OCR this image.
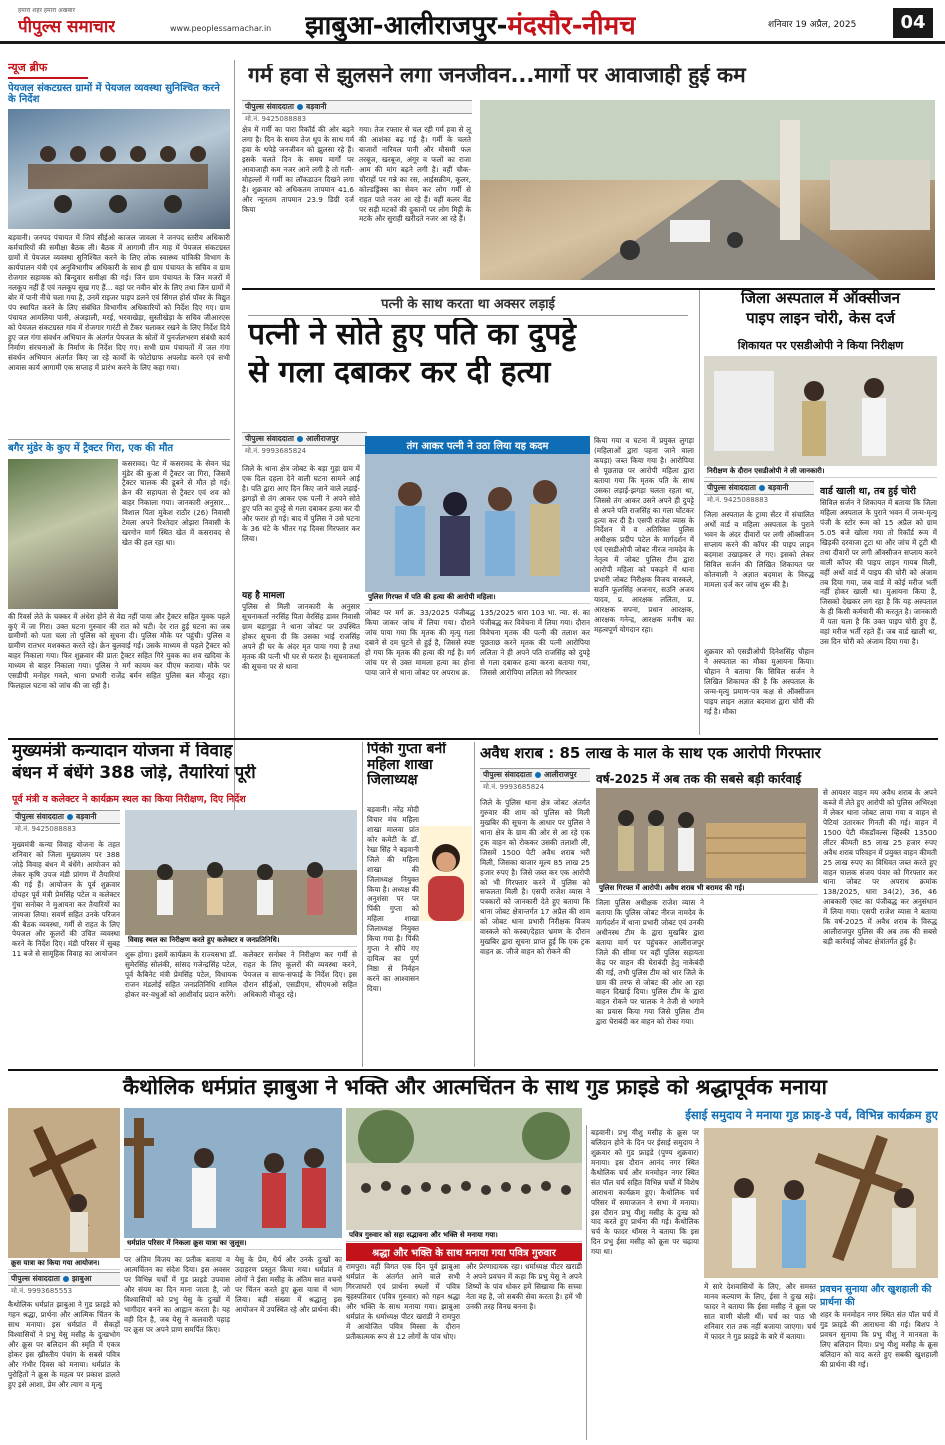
हमारा शहर हमारा अखबार
पीपुल्स समाचार	www.peoplessamachar.in झाबुआ-आलीराजपुर-मंदसौर-नीमच	शनिवार 19 अप्रैल, 2025	04
न्यूज ब्रीफ
पेयजल संकटग्रस्त ग्रामों में पेयजल व्यवस्था सुनिश्चित करने के निर्देश
बड़वानी। जनपद पंचायत में जिपं सीईओ काजल जावला ने जनपद स्तरीय अधिकारी कर्मचारियों की समीक्षा बैठक ली। बैठक में आगामी तीन माह में पेयजल संकटग्रस्त ग्रामों में पेयजल व्यवस्था सुनिश्चित करने के लिए लोक स्वास्थ्य यांत्रिकी विभाग के कार्यपालन यंत्री एवं अनुविभागीय अधिकारी के साथ ही ग्राम पंचायत के सचिव व ग्राम रोजगार सहायक को बिन्दुवार समीक्षा की गई। जिन ग्राम पंचायत के जिन मजरों में नलकूप नहीं हैं एवं नलकूप सूख गए हैं... वहां पर नवीन बोर के लिए तथा जिन ग्रामों में बोर में पानी नीचे चला गया है, उनमें राइजर पाइप डलने एवं सिंगल होर्स पॉवर के विद्युत पंप स्थापित करने के लिए संबंधित विभागीय अधिकारियों को निर्देश दिए गए। ग्राम पंचायत आमलिया पानी, अंजड़ाली, मरई, भरवाखेड़ा, सुस्तीखेड़ा के सचिव जीआरएस को पेयजल संकटग्रस्त गांव में रोजगार गारंटी से टैंकर चलाकर रखने के लिए निर्देश दिये हुए जल गंगा संवर्धन अभियान के अंतर्गत पेयजल के स्रोतों में पुनर्जलभरण संबंधी कार्य निर्माण संरचनाओं के निर्माण के निर्देश दिए गए। सभी ग्राम पंचायतों में जल गंगा संवर्धन अभियान अंतर्गत किए जा रहे कार्यों के फोटोग्राफ अपलोड करने एवं सभी आवास कार्य आगामी एक सप्ताह में प्रारंभ करने के लिए कहा गया।
बगैर मुंडेर के कुए में ट्रैक्टर गिरा, एक की मौत
कसरावद। पेट में कसरावद के सेवन चंद्र मुंडेर की कुआ में ट्रैक्टर जा गिरा, जिसमें ट्रैक्टर चालक की डूबने से मौत हो गई। क्रेन की सहायता से ट्रैक्टर एवं शव को बाहर निकाला गया। जानकारी अनुसार... विशाल पिता मुकेश राठौर (26) निवासी टेमला अपने रिश्तेदार ओझरा निवासी के खरगोन मार्ग स्थित खेत में कसरावद से खेत की हल रहा था।
की रिवर्स लेते के चक्कर में अंधेरा होने से वेद्य नहीं पाया और ट्रैक्टर सहित युवक पहले कुएं में जा गिरा। उक्त घटना गुरुवार की रात को घटी। देर रात हुई घटना का जब ग्रामीणों को पता चला तो पुलिस को सूचना दी। पुलिस मौके पर पहुंची। पुलिस व ग्रामीण रातभर मशक्कत करते रहे। क्रेन बुलवाई गई। उसके माध्यम से पहले ट्रैक्टर को बाहर निकाला गया। फिर शुक्रवार की प्रातः ट्रैक्टर सहित गिरे युवक का शव खदिया के माध्यम से बाहर निकाला गया। पुलिस ने मर्ग कायम कर पीएम कराया। मौके पर एसडीपी मनोहर गवले, थाना प्रभारी राजेंद्र बर्मन सहित पुलिस बल मौजूद रहा। फिलहाल घटना को जांच की जा रही है।
गर्म हवा से झुलसने लगा जनजीवन...मार्गो पर आवाजाही हुई कम
पीपुल्स संवाददाता बड़वानी
मो.नं. 9425088883
क्षेत्र में गर्मी का पारा रिकॉर्ड की ओर बढ़ने लगा है। दिन के समय तेज धूप के साथ गर्म हवा के थपेड़े जनजीवन को झुलसा रहे हैं। इसके चलते दिन के समय मार्गों पर आवाजाही कम नजर आने लगी है तो गली-मोहल्लों में गर्मी का लॉकडाउन दिखने लगा है। शुक्रवार को अधिकतम तापमान 41.6 और न्यूनतम तापमान 23.9 डिग्री दर्ज किया
गया। तेज रफ्तार से चल रही गर्म हवा से लू की आशंका बढ़ गई है। गर्मी के चलते बाजारों नारियल पानी और मौसमी फल तरबूज, खरबूज, अंगूर व फलों का राजा आम की मांग बढ़ने लगी है। वहीं चौक-चौराहों पर गन्ने का रस, आईसक्रीम, कूलर, कोल्डड्रिंक्स का सेवन कर लोग गर्मी से राहत पाते नजर आ रहे हैं। वहीं कलर वेंड पर सड़ी मटकों की दुकानों पर लोग मिट्टी के मटके और सुराही खरीदते नजर आ रहे हैं।
पत्नी के साथ करता था अक्सर लड़ाई
पत्नी ने सोते हुए पति का दुपट्टे
से गला दबाकर कर दी हत्या
पीपुल्स संवाददाता आलीराजपुर
मो.नं. 9993685824
जिले के थाना क्षेत्र जोबट के बड़ा गुड़ा ग्राम में एक दिल दहला देने वाली घटना सामने आई है। पति द्वारा आए दिन किए जाने वाले लड़ाई-झगड़ों से तंग आकर एक पत्नी ने अपने सोते हुए पति का दुपट्टे से गला दबाकर हत्या कर दी और फरार हो गई। बाद में पुलिस ने उसे घटना के 36 घंटे के भीतर गढ़ दिवस गिरफ्तार कर लिया।
यह है मामला
पुलिस से मिली जानकारी के अनुसार सूचनाकर्ता नरसिंह पिता वेरसिंह डावर निवासी ग्राम बड़ागुड़ा ने थाना जोबट पर उपस्थित होकर सूचना दी कि उसका भाई राजसिंह अपने ही घर के अंदर मृत पाया गया है तथा मृतक की पत्नी भी घर से फरार है। सूचनाकर्ता की सूचना पर से थाना
तंग आकर पत्नी ने उठा लिया यह कदम
पुलिस गिरफ्त में पति की हत्या की आरोपी महिला।
जोबट पर मर्ग क्र. 33/2025 पंजीबद्ध किया जाकर जांच में लिया गया। दौराने जांच पाया गया कि मृतक की मृत्यु गला दबाने से दम घुटने से हुई है, जिससे स्पष्ट हो गया कि मृतक की हत्या की गई है। मर्ग जांच पर से उक्त मामला हत्या का होना पाया जाने से थाना जोबट पर अपराध क्र.
135/2025 धारा 103 भा. न्या. सं. का पंजीबद्ध कर विवेचना में लिया गया। दौरान विवेचना मृतक की पत्नी की तलाश कर पूछताछ करने मृतक की पत्नी आरोपिया ललिता ने ही अपने पति राजसिंह को दुपट्टे से गला दबाकर हत्या करना बताया गया, जिससे आरोपिया ललिता को गिरफ्तार
किया गया व घटना में प्रयुक्त लुगड़ा (महिलाओं द्वारा पहना जाने वाला कपड़ा) जब्त किया गया है। आरोपिया से पूछताछ पर आरोपी महिला द्वारा बताया गया कि मृतक पति के साथ उसका लड़ाई-झगड़ा चलता रहता था, जिससे तंग आकर उसने अपने ही दुपट्टे से अपने पति राजसिंह का गला घोंटकर हत्या कर दी है। एसपी राजेश व्यास के निर्देशन में व अतिरिक्त पुलिस अधीक्षक प्रदीप पटेल के मार्गदर्शन में एवं एसडीओपी जोबट नीरज नामदेव के नेतृत्व में जोबट पुलिस टीम द्वारा आरोपी महिला को पकड़ने में थाना प्रभारी जोबट निरीक्षक विजय वास्कले, सउनि फूलसिंह अजनार, सउनि अजय यादव, प्र. आरक्षक ललिता, प्र. आरक्षक सपना, प्रधान आरक्षक, आरक्षक गनेन्द्र, आरक्षक मनीष का महत्वपूर्ण योगदान रहा।
जिला अस्पताल में ऑक्सीजन
पाइप लाइन चोरी, केस दर्ज
शिकायत पर एसडीओपी ने किया निरीक्षण
निरीक्षण के दौरान एसडीओपी ने ली जानकारी।
पीपुल्स संवाददाता बड़वानी
मो.नं. 9425088883
जिला अस्पताल के ट्रामा सेंटर में संचालित अर्थो वार्ड व महिला अस्पताल के पुराने भवन के अंदर दीवारों पर लगी ऑक्सीजन सप्लाय करने की कॉपर की पाइप लाइन बदमाश उखाड़कर ले गए। इसको लेकर सिविल सर्जन की लिखित शिकायत पर कोतवाली ने अज्ञात बदमाश के विरुद्ध मामला दर्ज कर जांच शुरू की है।
शुक्रवार को एसडीओपी दिनेशसिंह चौहान ने अस्पताल का मौका मुआयना किया। चौहान ने बताया कि सिविल सर्जन ने लिखित शिकायत की है कि अस्पताल के जन्म-मृत्यु प्रमाण-पत्र कक्ष से ऑक्सीजन पाइप लाइन अज्ञात बदमाश द्वारा चोरी की गई है। मौका
वार्ड खाली था, तब हुई चोरी
सिविल सर्जन ने शिकायत में बताया कि जिला महिला अस्पताल के पुराने भवन में जन्म-मृत्यु पंजी के स्टोर रूम को 15 अप्रैल को ग्राम 5.05 बजे खोला गया तो रिकॉर्ड रूम में खिड़की दरवाजा टूटा था और जांच में टूटी थी तथा दीवारों पर लगी ऑक्सीजन सप्लाय करने वाली कॉपर की पाइप लाइन गायब मिली, वहीं अर्थो वार्ड में पाइप की चोरी को अंजाम तब दिया गया, जब वार्ड में कोई मरीज भर्ती नहीं होकर खाली था। मुआयना किया है, जिसको देखकर लग रहा है कि यह अस्पताल के ही किसी कर्मचारी की करतूत है। जानकारी में पता चला है कि उक्त पाइप चोरी हुए हैं, वहां मरीज भर्ती रहते हैं। जब वार्ड खाली था, उस दिन चोरी को अंजाम दिया गया है।
मुख्यमंत्री कन्यादान योजना में विवाह
बंधन में बंधेंगे 388 जोड़े, तैयारियां पूरी
पूर्व मंत्री व कलेक्टर ने कार्यक्रम स्थल का किया निरीक्षण, दिए निर्देश
पीपुल्स संवाददाता बड़वानी
मो.नं. 9425088883
मुख्यमंत्री कन्या विवाह योजना के तहत शनिवार को जिला मुख्यालय पर 388 जोड़े विवाह बंधन में बंधेंगे। आयोजन को लेकर कृषि उपज मंडी प्रांगण में तैयारियां की गई हैं। आयोजन के पूर्व शुक्रवार दोपहर पूर्व मंत्री प्रेमसिंह पटेल व कलेक्टर गुंचा सनोबर ने मुआयना कर तैयारियों का जायजा लिया। सवर्ण सहित उनके परिजन की बैठक व्यवस्था, गर्मी से राहत के लिए पेयजल और कूलरों की उचित व्यवस्था करने के निर्देश दिए। मंडी परिसर में सुबह 11 बजे से सामूहिक विवाह का आयोजन
विवाह स्थल का निरीक्षण करते हुए कलेक्टर व जनप्रतिनिधि।
शुरू होगा। इसमें कार्यक्रम के राज्यसभा डॉ. सुमेरसिंह सोलंकी, सांसद गजेन्द्रसिंह पटेल, पूर्व कैबिनेट मंत्री प्रेमसिंह पटेल, विधायक राजन मंडलोई सहित जनप्रतिनिधि शामिल होकर वर-वधुओं को आशीर्वाद प्रदान करेंगे।
कलेक्टर सनोबर ने निरीक्षण कर गर्मी से राहत के लिए कूलरों की व्यवस्था करने, पेयजल व साफ-सफाई के निर्देश दिए। इस दौरान सीईओ, एसडीएम, सीएमओ सहित अधिकारी मौजूद रहे।
पिंकी गुप्ता बनीं महिला शाखा जिलाध्यक्ष
बड़वानी। नरेंद्र मोदी विचार मंच महिला शाखा मालवा प्रांत कोर कमेटी के डॉ. रेखा सिंह ने बड़वानी जिले की महिला शाखा की जिलाध्यक्ष नियुक्त किया है। अध्यक्ष की अनुशंसा पर पर पिंकी गुप्ता को महिला शाखा जिलाध्यक्ष नियुक्त किया गया है। पिंकी गुप्ता ने सौंपे गए दायित्व का पूर्ण निष्ठा से निर्वहन करने का आश्वासन दिया।
अवैध शराब : 85 लाख के माल के साथ एक आरोपी गिरफ्तार
वर्ष-2025 में अब तक की सबसे बड़ी कार्रवाई
पीपुल्स संवाददाता आलीराजपुर
मो.नं. 9993685824
जिले के पुलिस थाना क्षेत्र जोबट अंतर्गत गुरुवार की शाम को पुलिस को मिली मुखबिर की सूचना के आधार पर पुलिस ने थाना क्षेत्र के ग्राम की ओर से आ रहे एक ट्रक वाहन को रोककर उसकी तलाशी ली, जिसमें 1500 पेटी अवैध शराब भरी मिली, जिसका बाजार मूल्य 85 लाख 25 हजार रुपए है। जिसे जब्त कर एक आरोपी को भी गिरफ्तार करने में पुलिस को सफलता मिली है। एसपी राजेश व्यास ने पत्रकारों को जानकारी देते हुए बताया कि थाना जोबट क्षेत्रान्तर्गत 17 अप्रैल की शाम को जोबट थाना प्रभारी निरीक्षक विजय वास्कले को कस्बा/देहात भ्रमण के दौरान मुखबिर द्वारा सूचना प्राप्त हुई कि एक ट्रक वाहन क्र. जीजे वाहन को रोकने की
पुलिस गिरफ्त में आरोपी। अवैध शराब भी बरामद की गई।
जिला पुलिस अधीक्षक राजेश व्यास ने बताया कि पुलिस जोबट नीरज नामदेव के मार्गदर्शन में थाना प्रभारी जोबट एवं उनकी अधीनस्थ टीम के द्वारा मुखबिर द्वारा बताया मार्ग पर पहुंचकर आलीराजपुर जिले की सीमा पर वहीं पुलिस सहायता केंद्र पर वाहन की घेराबंदी हेतु नाकेबंदी की गई, तभी पुलिस टीम को धार जिले के ग्राम की तरफ से जोबट की ओर आ रहा वाहन दिखाई दिया। पुलिस टीम के द्वारा वाहन रोकने पर चालक ने तेजी से भगाने का प्रयास किया गया जिसे पुलिस टीम द्वारा घेराबंदी कर वाहन को रोका गया।
से आयशर वाहन मय अवैध शराब के अपने कब्जे में लेते हुए आरोपी को पुलिस अभिरक्षा में लेकर थाना जोबट लाया गया व वाहन से पेटियां उतारकर गिनती की गई। वाहन में 1500 पेटी मॅकडॉवल्स व्हिस्की 13500 लीटर कीमती 85 लाख 25 हजार रुपए अवैध शराब परिवहन में प्रयुक्त वाहन कीमती 25 लाख रुपए का विधिवत जब्त करते हुए वाहन चालक संजय पंवार को गिरफ्तार कर थाना जोबट पर अपराध क्रमांक 138/2025, धारा 34(2), 36, 46 आबकारी एक्ट का पंजीबद्ध कर अनुसंधान में लिया गया। एसपी राजेश व्यास ने बताया कि वर्ष-2025 में अवैध शराब के विरुद्ध आलीराजपुर पुलिस की अब तक की सबसे बड़ी कार्रवाई जोबट क्षेत्रांतर्गत हुई है।
कैथोलिक धर्मप्रांत झाबुआ ने भक्ति और आत्मचिंतन के साथ गुड फ्राइडे को श्रद्धापूर्वक मनाया
ईसाई समुदाय ने मनाया गुड फ्राइ-डे पर्व, विभिन्न कार्यक्रम हुए
क्रूस यात्रा का किया गया आयोजन।
धर्मप्रांत परिसर में निकला क्रूस यात्रा का जुलूस।
पवित्र गुरुवार को सहा सद्भावना और भक्ति से मनाया गया।
श्रद्धा और भक्ति के साथ मनाया गया पवित्र गुरुवार
पीपुल्स संवाददाता झाबुआ
मो.नं. 9993685553
कैथोलिक धर्मप्रांत झाबुआ ने गुड फ्राइडे को गहन श्रद्धा, प्रार्थना और आत्मिक चिंतन के साथ मनाया। इस धर्मप्रांत में सैकड़ों विश्वासियों ने प्रभु येसु मसीह के दुःखभोग और क्रूस पर बलिदान की स्मृति में एकत्र होकर इस ख्रीस्तीय पंचांग के सबसे पवित्र और गंभीर दिवस को मनाया। धर्मप्रांत के पुरोहितों ने क्रूस के महत्व पर प्रकाश डालते हुए इसे आशा, प्रेम और त्याग व मृत्यु
पर अंतिम विजय का प्रतीक बताया व आत्मचिंतन का संदेश दिया। इस अवसर पर विभिन्न चर्चों में गुड फ्राइडे उपवास और संयम का दिन माना जाता है, जो विश्वासियों को प्रभु येसु के दुःखों में भागीदार बनने का आह्वान करता है। यह वही दिन है, जब येसु ने कलवारी पहाड़ पर क्रूस पर अपने प्राण समर्पित किए।
येसु के प्रेम, धैर्य और उनके दुःखों का उदाहरण प्रस्तुत किया गया। धर्मप्रांत में लोगों ने ईसा मसीह के अंतिम सात वचनों पर चिंतन करते हुए क्रूस यात्रा में भाग लिया। बड़ी संख्या में श्रद्धालु इस आयोजन में उपस्थित रहे और प्रार्थना की।
रामपुरा। वहीं विगत एक दिन पूर्व झाबुआ धर्मप्रांत के अंतर्गत आने वाले सभी गिरजाघरों एवं प्रार्थना स्थलों में पवित्र बृहस्पतिवार (पवित्र गुरुवार) को गहन श्रद्धा और भक्ति के साथ मनाया गया। झाबुआ धर्मप्रांत के धर्माध्यक्ष पीटर खराडी ने रामपुरा में आयोजित पवित्र मिस्सा के दौरान प्रतीकात्मक रूप से 12 लोगों के पांव धोए।
और प्रेरणादायक रहा। धर्माध्यक्ष पीटर खराडी ने अपने प्रवचन में कहा कि प्रभु येसु ने अपने शिष्यों के पांव धोकर हमें सिखाया कि सच्चा नेता वह है, जो सबकी सेवा करता है। हमें भी उनकी तरह विनम्र बनना है।
बड़वानी। प्रभु यीशु मसीह के क्रूस पर बलिदान होने के दिन पर ईसाई समुदाय ने शुक्रवार को गुड फ्राइडे (पुण्य शुक्रवार) मनाया। इस दौरान आनंद नगर स्थित कैथोलिक चर्च और मनमोहन नगर स्थित संत पॉल चर्च सहित विभिन्न चर्चों में विशेष आराधना कार्यक्रम हुए। कैथोलिक चर्च परिसर में समाजजन ने सभा में मनाया। इस दौरान प्रभु यीशु मसीह के दुःख को याद करते हुए प्रार्थना की गई। कैथोलिक चर्च के फादर थॉमस ने बताया कि इस दिन प्रभु ईसा मसीह को क्रूस पर चढ़ाया गया था।
में सारे देशवासियों के लिए, और समस्त मानव कल्याण के लिए, ईसा ने दुःख सहे। फादर ने बताया कि ईसा मसीह ने क्रूस पर सात वाणी बोली थीं। चर्च का पाठ भी शनिवार रात तक नहीं बजाया जाएगा। चर्च में फादर ने गुड फ्राइडे के बारे में बताया।
प्रवचन सुनाया और खुशहाली की प्रार्थना की
शहर के मनमोहन नगर स्थित संत पॉल चर्च में गुड फ्राइडे की आराधना की गई। बिशप ने प्रवचन सुनाया कि प्रभु यीशु ने मानवता के लिए बलिदान दिया। प्रभु यीशु मसीह के क्रूस बलिदान को याद करते हुए सबकी खुशहाली की प्रार्थना की गई।
